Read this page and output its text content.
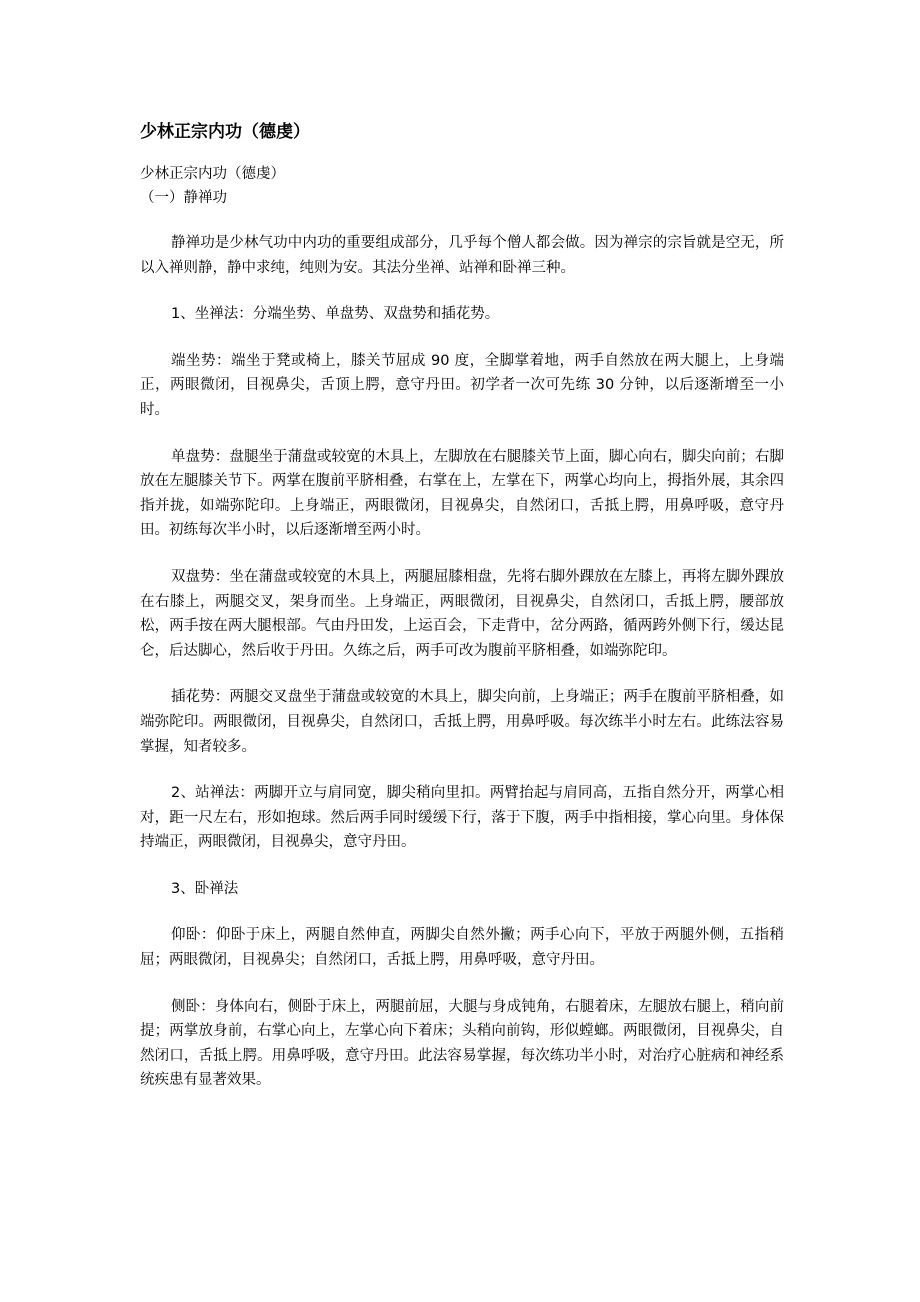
少林正宗内功（德虔）
少林正宗内功（德虔）
（一）静禅功

静禅功是少林气功中内功的重要组成部分，几乎每个僧人都会做。因为禅宗的宗旨就是空无，所以入禅则静，静中求纯，纯则为安。其法分坐禅、站禅和卧禅三种。

1、坐禅法：分端坐势、单盘势、双盘势和插花势。

端坐势：端坐于凳或椅上，膝关节屈成 90 度，全脚掌着地，两手自然放在两大腿上，上身端正，两眼微闭，目视鼻尖，舌顶上腭，意守丹田。初学者一次可先练 30 分钟，以后逐渐增至一小时。

单盘势：盘腿坐于蒲盘或较宽的木具上，左脚放在右腿膝关节上面，脚心向右，脚尖向前；右脚放在左腿膝关节下。两掌在腹前平脐相叠，右掌在上，左掌在下，两掌心均向上，拇指外展，其余四指并拢，如端弥陀印。上身端正，两眼微闭，目视鼻尖，自然闭口，舌抵上腭，用鼻呼吸，意守丹田。初练每次半小时，以后逐渐增至两小时。

双盘势：坐在蒲盘或较宽的木具上，两腿屈膝相盘，先将右脚外踝放在左膝上，再将左脚外踝放在右膝上，两腿交叉，架身而坐。上身端正，两眼微闭，目视鼻尖，自然闭口，舌抵上腭，腰部放松，两手按在两大腿根部。气由丹田发，上运百会，下走背中，岔分两路，循两跨外侧下行，缓达昆仑，后达脚心，然后收于丹田。久练之后，两手可改为腹前平脐相叠，如端弥陀印。

插花势：两腿交叉盘坐于蒲盘或较宽的木具上，脚尖向前，上身端正；两手在腹前平脐相叠，如端弥陀印。两眼微闭，目视鼻尖，自然闭口，舌抵上腭，用鼻呼吸。每次练半小时左右。此练法容易掌握，知者较多。

2、站禅法：两脚开立与肩同宽，脚尖稍向里扣。两臂抬起与肩同高，五指自然分开，两掌心相对，距一尺左右，形如抱球。然后两手同时缓缓下行，落于下腹，两手中指相接，掌心向里。身体保持端正，两眼微闭，目视鼻尖，意守丹田。

3、卧禅法

仰卧：仰卧于床上，两腿自然伸直，两脚尖自然外撇；两手心向下，平放于两腿外侧，五指稍屈；两眼微闭，目视鼻尖；自然闭口，舌抵上腭，用鼻呼吸，意守丹田。

侧卧：身体向右，侧卧于床上，两腿前屈，大腿与身成钝角，右腿着床，左腿放右腿上，稍向前提；两掌放身前，右掌心向上，左掌心向下着床；头稍向前钩，形似螳螂。两眼微闭，目视鼻尖，自然闭口，舌抵上腭。用鼻呼吸，意守丹田。此法容易掌握，每次练功半小时，对治疗心脏病和神经系统疾患有显著效果。
